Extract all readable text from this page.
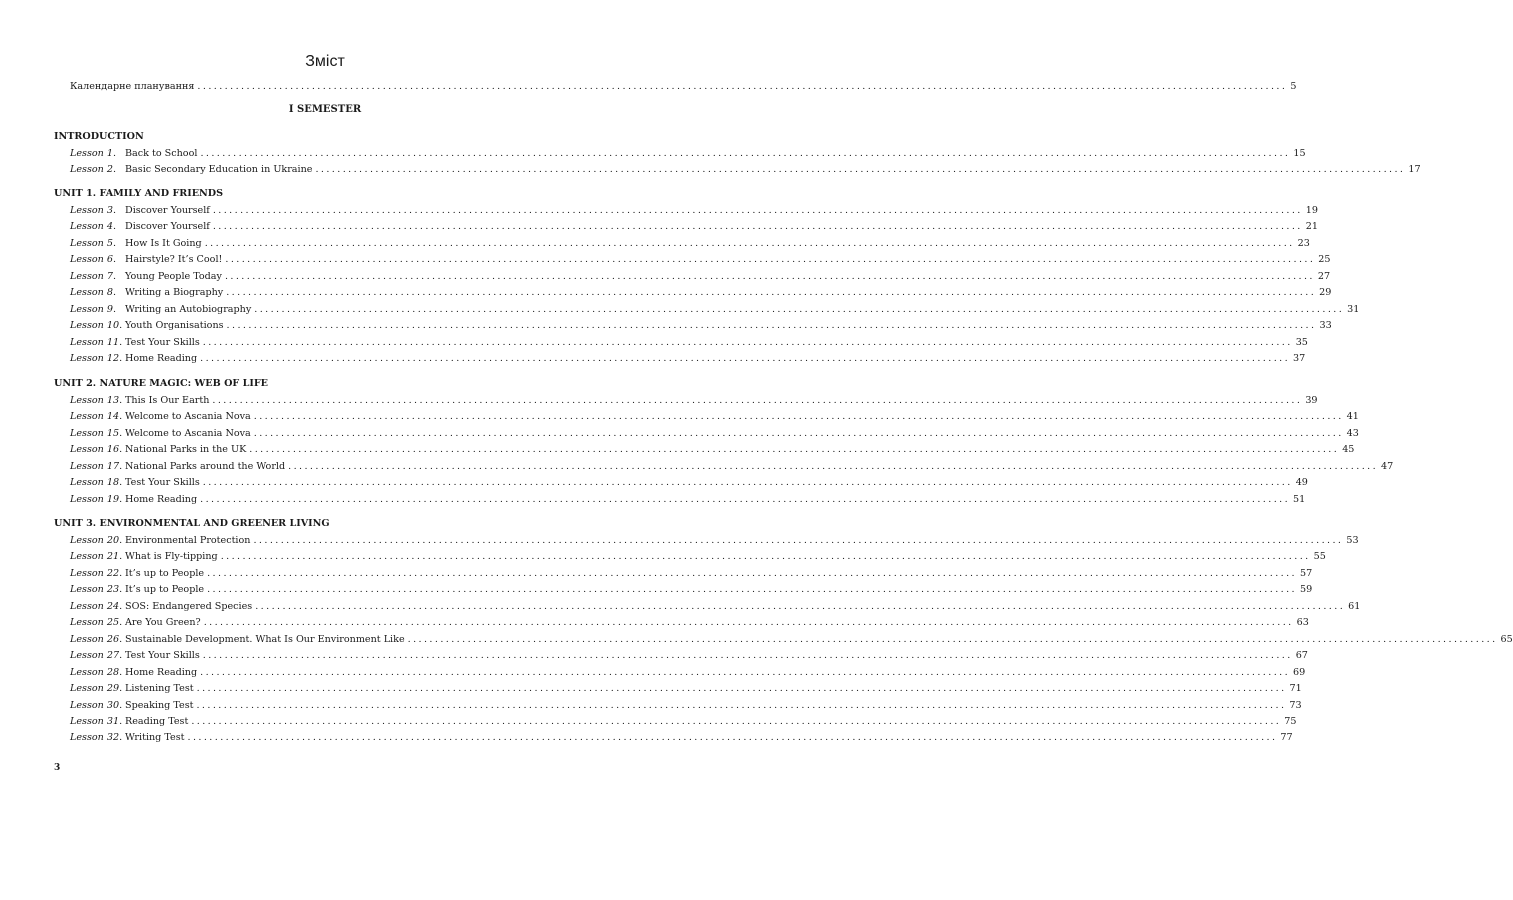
Зміст
Календарне планування ........................................................................................................................................................................................................ 5
I SEMESTER
INTRODUCTION
Lesson 1. Back to School ........................................................................................................................................................................................................ 15
Lesson 2. Basic Secondary Education in Ukraine ........................................................................................................................................................................................................ 17
UNIT 1. FAMILY AND FRIENDS
Lesson 3. Discover Yourself ........................................................................................................................................................................................................ 19
Lesson 4. Discover Yourself ........................................................................................................................................................................................................ 21
Lesson 5. How Is It Going ........................................................................................................................................................................................................ 23
Lesson 6. Hairstyle? It’s Cool! ........................................................................................................................................................................................................ 25
Lesson 7. Young People Today ........................................................................................................................................................................................................ 27
Lesson 8. Writing a Biography ........................................................................................................................................................................................................ 29
Lesson 9. Writing an Autobiography ........................................................................................................................................................................................................ 31
Lesson 10. Youth Organisations ........................................................................................................................................................................................................ 33
Lesson 11. Test Your Skills ........................................................................................................................................................................................................ 35
Lesson 12. Home Reading ........................................................................................................................................................................................................ 37
UNIT 2. NATURE MAGIC: WEB OF LIFE
Lesson 13. This Is Our Earth ........................................................................................................................................................................................................ 39
Lesson 14. Welcome to Ascania Nova ........................................................................................................................................................................................................ 41
Lesson 15. Welcome to Ascania Nova ........................................................................................................................................................................................................ 43
Lesson 16. National Parks in the UK ........................................................................................................................................................................................................ 45
Lesson 17. National Parks around the World ........................................................................................................................................................................................................ 47
Lesson 18. Test Your Skills ........................................................................................................................................................................................................ 49
Lesson 19. Home Reading ........................................................................................................................................................................................................ 51
UNIT 3. ENVIRONMENTAL AND GREENER LIVING
Lesson 20. Environmental Protection ........................................................................................................................................................................................................ 53
Lesson 21. What is Fly-tipping ........................................................................................................................................................................................................ 55
Lesson 22. It’s up to People ........................................................................................................................................................................................................ 57
Lesson 23. It’s up to People ........................................................................................................................................................................................................ 59
Lesson 24. SOS: Endangered Species ........................................................................................................................................................................................................ 61
Lesson 25. Are You Green? ........................................................................................................................................................................................................ 63
Lesson 26. Sustainable Development. What Is Our Environment Like ........................................................................................................................................................................................................ 65
Lesson 27. Test Your Skills ........................................................................................................................................................................................................ 67
Lesson 28. Home Reading ........................................................................................................................................................................................................ 69
Lesson 29. Listening Test ........................................................................................................................................................................................................ 71
Lesson 30. Speaking Test ........................................................................................................................................................................................................ 73
Lesson 31. Reading Test ........................................................................................................................................................................................................ 75
Lesson 32. Writing Test ........................................................................................................................................................................................................ 77
3
